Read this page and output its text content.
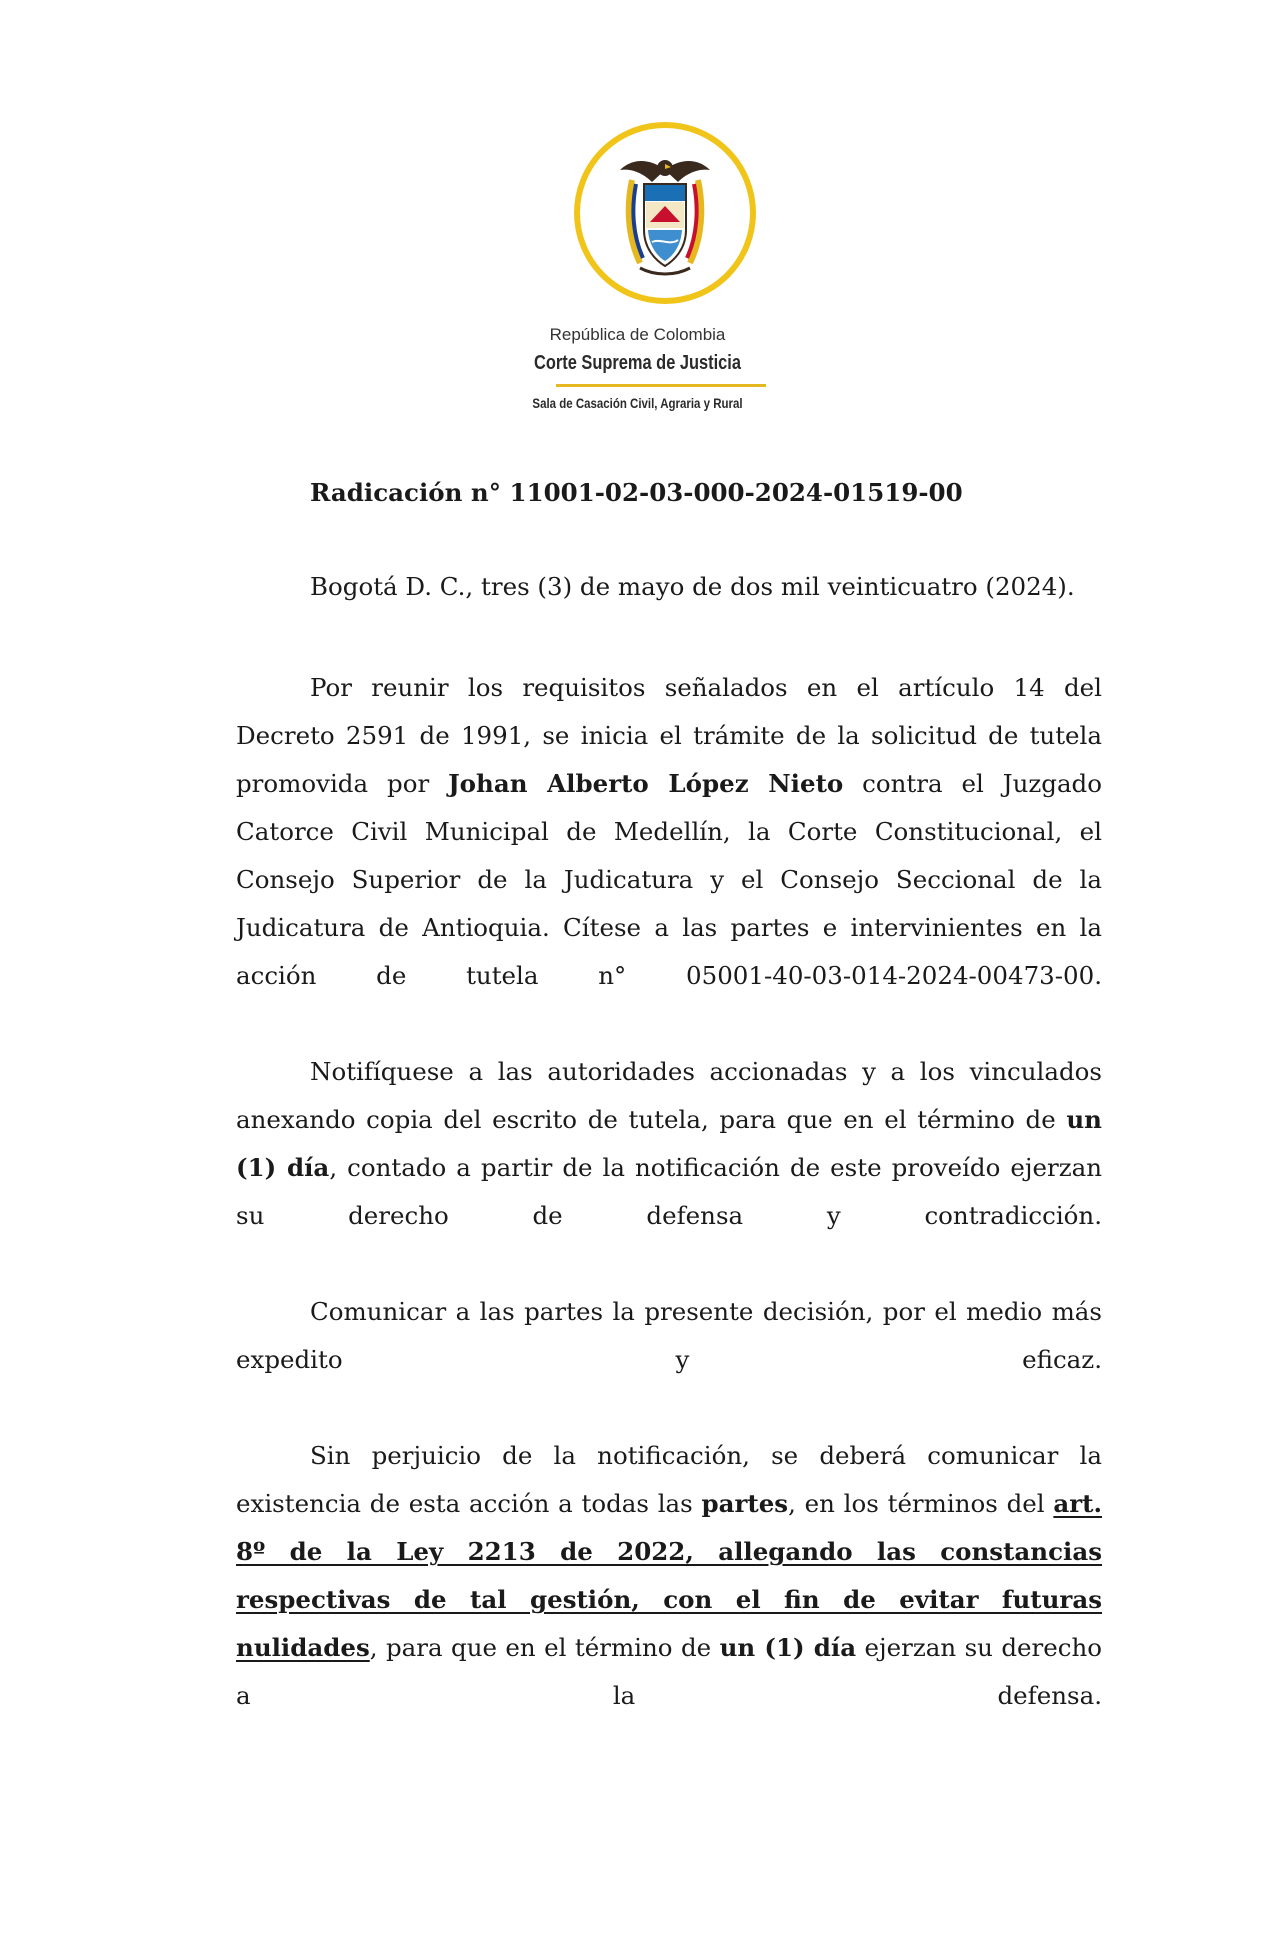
República de Colombia
Corte Suprema de Justicia
Sala de Casación Civil, Agraria y Rural
Radicación n° 11001-02-03-000-2024-01519-00
Bogotá D. C., tres (3) de mayo de dos mil veinticuatro (2024).

Por reunir los requisitos señalados en el artículo 14 del Decreto 2591 de 1991, se inicia el trámite de la solicitud de tutela promovida por Johan Alberto López Nieto contra el Juzgado Catorce Civil Municipal de Medellín, la Corte Constitucional, el Consejo Superior de la Judicatura y el Consejo Seccional de la Judicatura de Antioquia. Cítese a las partes e intervinientes en la acción de tutela n° 05001-40-03-014-2024-00473-00.

Notifíquese a las autoridades accionadas y a los vinculados anexando copia del escrito de tutela, para que en el término de un (1) día, contado a partir de la notificación de este proveído ejerzan su derecho de defensa y contradicción.

Comunicar a las partes la presente decisión, por el medio más expedito y eficaz.

Sin perjuicio de la notificación, se deberá comunicar la existencia de esta acción a todas las partes, en los términos del art. 8º de la Ley 2213 de 2022, allegando las constancias respectivas de tal gestión, con el fin de evitar futuras nulidades, para que en el término de un (1) día ejerzan su derecho a la defensa.
